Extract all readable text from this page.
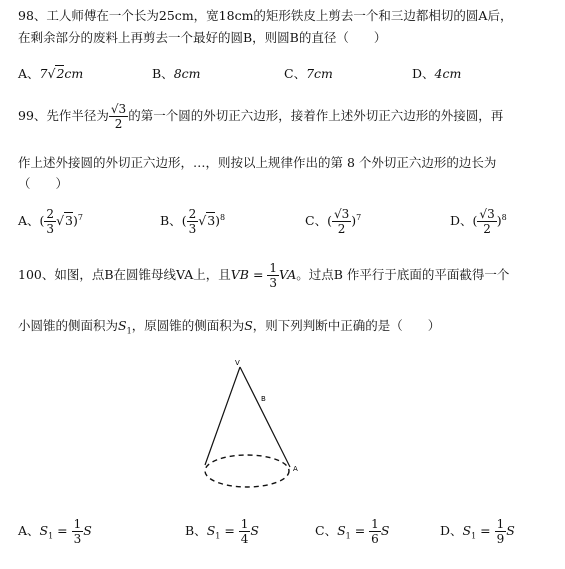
98、工人师傅在一个长为25cm，宽18cm的矩形铁皮上剪去一个和三边都相切的圆A后，
在剩余部分的废料上再剪去一个最好的圆B，则圆B的直径（　　）
A、7√2cm	B、8cm	C、7cm	D、4cm
99、先作半径为 $\frac{√3}{2}$ 的第一个圆的外切正六边形，接着作上述外切正六边形的外接圆，再
作上述外接圆的外切正六边形，…，则按以上规律作出的第 8 个外切正六边形的边长为
（　　）
A、( $\frac{2}{3} √3)^7$	B、( $\frac{2}{3} √3)^8$	C、( $\frac{√3}{2} )^7$	D、( $\frac{√3}{2} )^8$
100、如图，点B在圆锥母线VA上，且VB = $\frac{1}{3}$ VA。过点B 作平行于底面的平面截得一个
小圆锥的侧面积为$S_1$，原圆锥的侧面积为S，则下列判断中正确的是（　　）
V
B
A
A、$S_1 = \frac{1}{3}$ S	B、$S_1 = \frac{1}{4}$ S	C、$S_1 = \frac{1}{6}$ S	D、$S_1 = \frac{1}{9}$ S
